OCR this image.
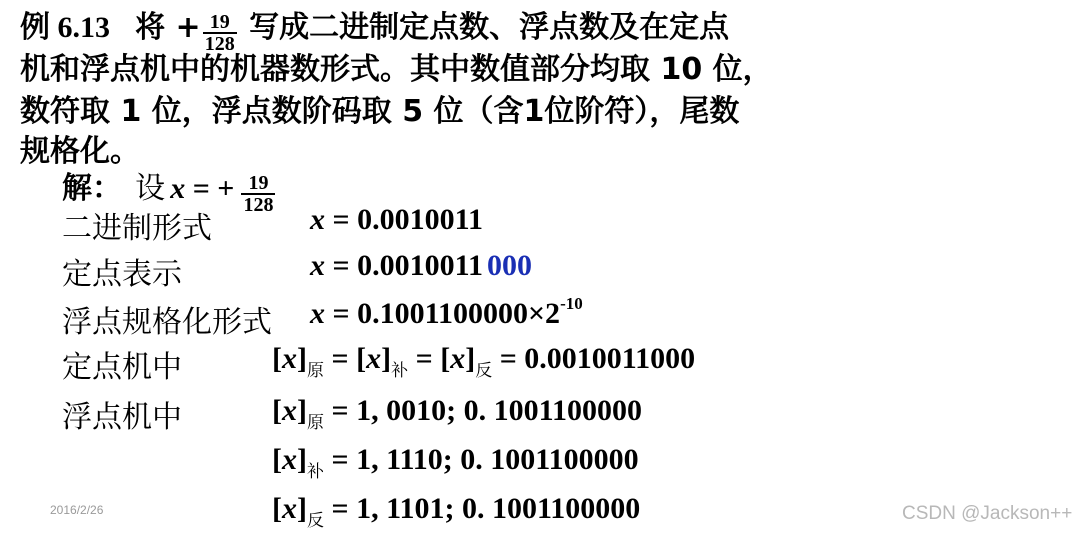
例 6.13 将 + $\frac{19}{128}$ 写成二进制定点数、浮点数及在定点
机和浮点机中的机器数形式。其中数值部分均取 10 位，
数符取 1 位，浮点数阶码取 5 位（含1位阶符），尾数
规格化。
解： 设 x = + $\frac{19}{128}$
二进制形式	x = 0.0010011
定点表示	x = 0.0010011 000
浮点规格化形式 $x = 0.1001100000\times 2^{-10}$
定点机中	$[x]_原 = [x]_补 = [x]_反 = 0.0010011000$
浮点机中	$[x]_原 = 1$, 0010; 0. 1001100000
$[x]_补 = 1$, 1110; 0. 1001100000
$[x]_反 = 1$, 1101; 0. 1001100000
2016/2/26	CSDN @Jackson++
